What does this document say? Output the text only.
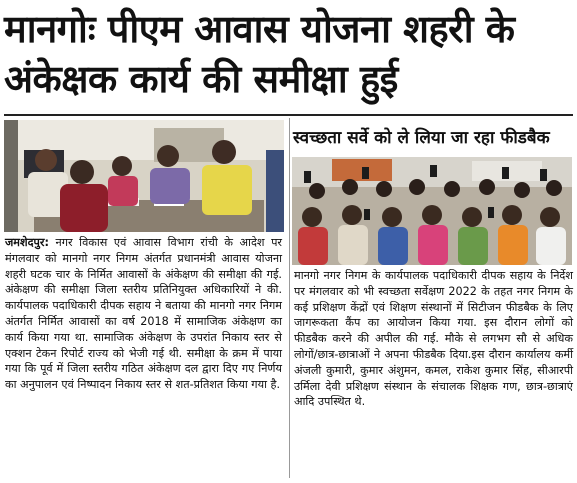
मानगोः पीएम आवास योजना शहरी के अंकेक्षक कार्य की समीक्षा हुई
स्वच्छता सर्वे को ले लिया जा रहा फीडबैक
जमशेदपुर: नगर विकास एवं आवास विभाग रांची के आदेश पर मंगलवार को मानगो नगर निगम अंतर्गत प्रधानमंत्री आवास योजना शहरी घटक चार के निर्मित आवासों के अंकेक्षण की समीक्षा की गई. अंकेक्षण की समीक्षा जिला स्तरीय प्रतिनियुक्त अधिकारियों ने की. कार्यपालक पदाधिकारी दीपक सहाय ने बताया की मानगो नगर निगम अंतर्गत निर्मित आवासों का वर्ष 2018 में सामाजिक अंकेक्षण का कार्य किया गया था. सामाजिक अंकेक्षण के उपरांत निकाय स्तर से एक्शन टेकन रिपोर्ट राज्य को भेजी गई थी. समीक्षा के क्रम में पाया गया कि पूर्व में जिला स्तरीय गठित अंकेक्षण दल द्वारा दिए गए निर्णय का अनुपालन एवं निष्पादन निकाय स्तर से शत-प्रतिशत किया गया है.
मानगो नगर निगम के कार्यपालक पदाधिकारी दीपक सहाय के निर्देश पर मंगलवार को भी स्वच्छता सर्वेक्षण 2022 के तहत नगर निगम के कई प्रशिक्षण केंद्रों एवं शिक्षण संस्थानों में सिटीजन फीडबैक के लिए जागरूकता कैंप का आयोजन किया गया. इस दौरान लोगों को फीडबैक करने की अपील की गई. मौके से लगभग सौ से अधिक लोगों/छात्र-छात्राओं ने अपना फीडबैक दिया.इस दौरान कार्यालय कर्मी अंजली कुमारी, कुमार अंशुमन, कमल, राकेश कुमार सिंह, सीआरपी उर्मिला देवी प्रशिक्षण संस्थान के संचालक शिक्षक गण, छात्र-छात्राएं आदि उपस्थित थे.
